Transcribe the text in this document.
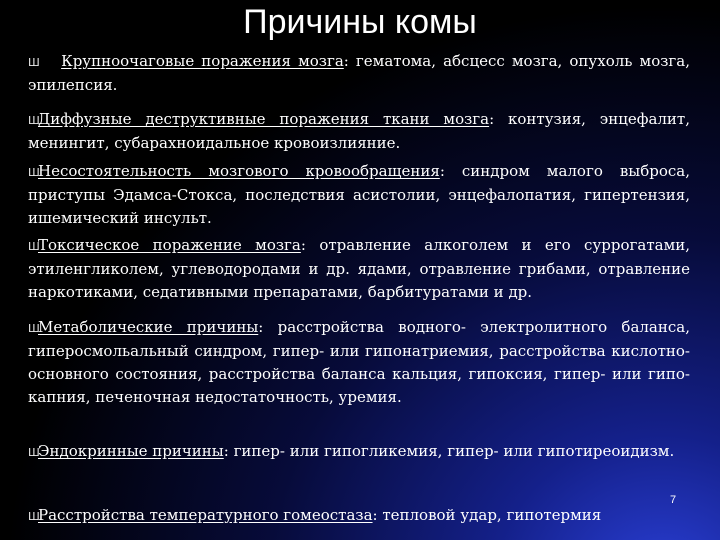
Причины комы
Ш Крупноочаговые поражения мозга: гематома, абсцесс мозга, опухоль мозга, эпилепсия.
ШДиффузные деструктивные поражения ткани мозга: контузия, энцефалит, менингит, субарахноидальное кровоизлияние.
ШНесостоятельность мозгового кровообращения: синдром малого выброса, приступы Эдамса-Стокса, последствия асистолии, энцефалопатия, гипертензия, ишемический инсульт.
ШТоксическое поражение мозга: отравление алкоголем и его суррогатами, этиленгликолем, углеводородами и др. ядами, отравление грибами, отравление наркотиками, седативными препаратами, барбитуратами и др.
ШМетаболические причины: расстройства водного- электролитного баланса, гиперосмольальный синдром, гипер- или гипонатриемия, расстройства кислотно-основного состояния, расстройства баланса кальция, гипоксия, гипер- или гипо-капния, печеночная недостаточность, уремия.
ШЭндокринные причины: гипер- или гипогликемия, гипер- или гипотиреоидизм.
ШРасстройства температурного гомеостаза: тепловой удар, гипотермия
7
